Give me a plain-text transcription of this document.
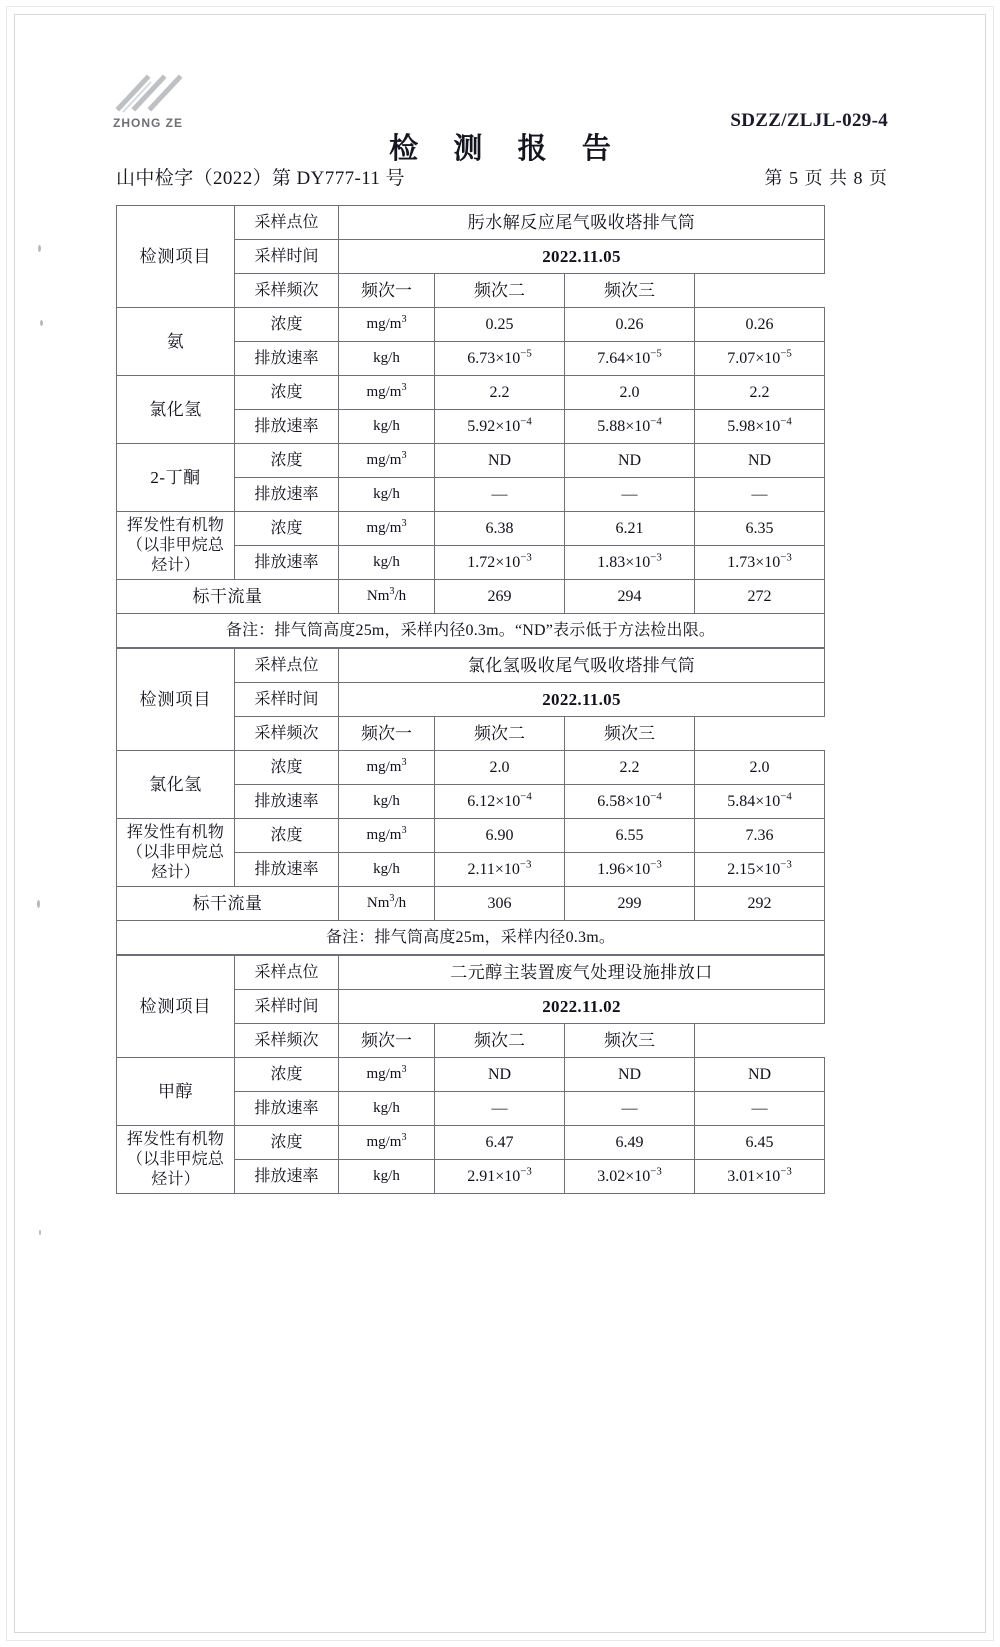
ZHONG ZE	SDZZ/ZLJL-029-4
检 测 报 告
山中检字（2022）第 DY777-11 号	第 5 页 共 8 页
检测项目	采样点位	肟水解反应尾气吸收塔排气筒			
	采样时间	2022.11.05			
	采样频次	频次一	频次二	频次三	
氨	浓度	$mg/m^3$	0.25	0.26	0.26
	排放速率	kg/h	$6.73\times 10^{-5}$	$7.64\times 10^{-5}$	$7.07\times 10^{-5}$
氯化氢	浓度	$mg/m^3$	2.2	2.0	2.2
	排放速率	kg/h	$5.92\times 10^{-4}$	$5.88\times 10^{-4}$	$5.98\times 10^{-4}$
2-丁酮	浓度	$mg/m^3$	ND	ND	ND
	排放速率	kg/h	—	—	—
挥发性有机物（以非甲烷总烃计）	浓度	$mg/m^3$	6.38	6.21	6.35
	排放速率	kg/h	$1.72\times 10^{-3}$	$1.83\times 10^{-3}$	$1.73\times 10^{-3}$
标干流量		Nm$^3$/h	269	294	272
备注：排气筒高度25m，采样内径0.3m。“ND”表示低于方法检出限。					
检测项目	采样点位	氯化氢吸收尾气吸收塔排气筒			
	采样时间	2022.11.05			
	采样频次	频次一	频次二	频次三	
氯化氢	浓度	$mg/m^3$	2.0	2.2	2.0
	排放速率	kg/h	$6.12\times 10^{-4}$	$6.58\times 10^{-4}$	$5.84\times 10^{-4}$
挥发性有机物（以非甲烷总烃计）	浓度	$mg/m^3$	6.90	6.55	7.36
	排放速率	kg/h	$2.11\times 10^{-3}$	$1.96\times 10^{-3}$	$2.15\times 10^{-3}$
标干流量		Nm$^3$/h	306	299	292
备注：排气筒高度25m，采样内径0.3m。					
检测项目	采样点位	二元醇主装置废气处理设施排放口			
	采样时间	2022.11.02			
	采样频次	频次一	频次二	频次三	
甲醇	浓度	$mg/m^3$	ND	ND	ND
	排放速率	kg/h	—	—	—
挥发性有机物（以非甲烷总烃计）	浓度	$mg/m^3$	6.47	6.49	6.45
	排放速率	kg/h	$2.91\times 10^{-3}$	$3.02\times 10^{-3}$	$3.01\times 10^{-3}$
